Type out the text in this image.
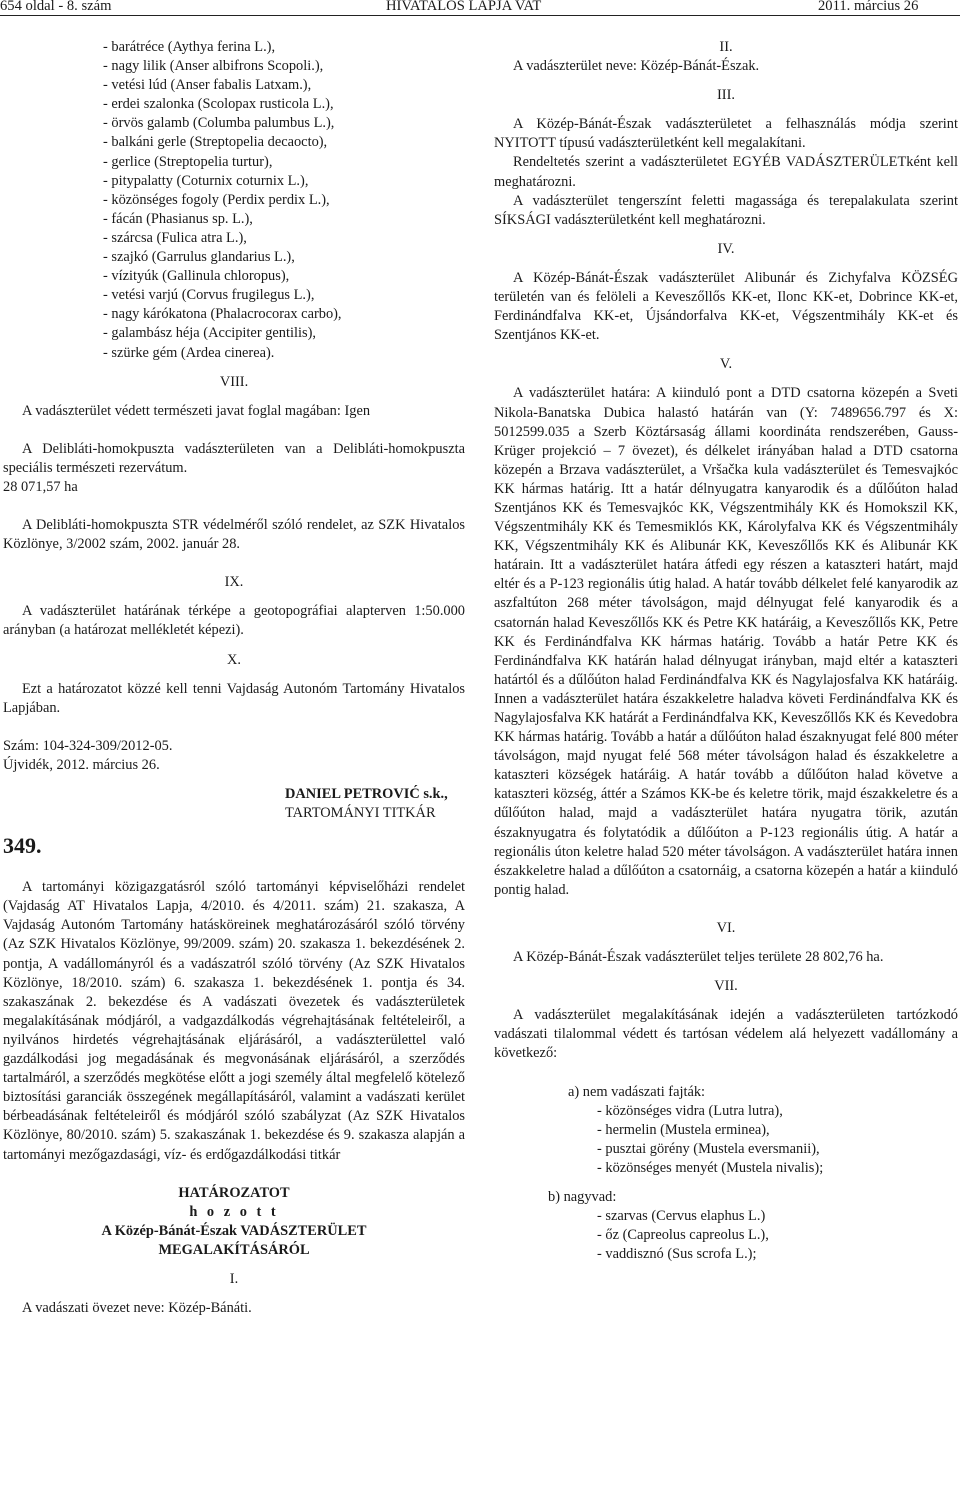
654 oldal - 8. szám	HIVATALOS LAPJA VAT	2011. március 26
- barátréce (Aythya ferina L.),
- nagy lilik (Anser albifrons Scopoli.),
- vetési lúd (Anser fabalis Latxam.),
- erdei szalonka (Scolopax rusticola L.),
- örvös galamb (Columba palumbus L.),
- balkáni gerle (Streptopelia decaocto),
- gerlice (Streptopelia turtur),
- pitypalatty (Coturnix coturnix L.),
- közönséges fogoly (Perdix perdix L.),
- fácán (Phasianus sp. L.),
- szárcsa (Fulica atra L.),
- szajkó (Garrulus glandarius L.),
- vízityúk (Gallinula chloropus),
- vetési varjú (Corvus frugilegus L.),
- nagy kárókatona (Phalacrocorax carbo),
- galambász héja (Accipiter gentilis),
- szürke gém (Ardea cinerea).
VIII.

A vadászterület védett természeti javat foglal magában: Igen

A Delibláti-homokpuszta vadászterületen van a Delibláti-homokpuszta speciális természeti rezervátum.

28 071,57 ha

A Delibláti-homokpuszta STR védelméről szóló rendelet, az SZK Hivatalos Közlönye, 3/2002 szám, 2002. január 28.

IX.

A vadászterület határának térképe a geotopográfiai alapterven 1:50.000 arányban (a határozat mellékletét képezi).

X.

Ezt a határozatot közzé kell tenni Vajdaság Autonóm Tartomány Hivatalos Lapjában.

Szám: 104-324-309/2012-05.

Újvidék, 2012. március 26.

DANIEL PETROVIĆ s.k.,
TARTOMÁNYI TITKÁR
349.

A tartományi közigazgatásról szóló tartományi képviselőházi rendelet (Vajdaság AT Hivatalos Lapja, 4/2010. és 4/2011. szám) 21. szakasza, A Vajdaság Autonóm Tartomány hatásköreinek meghatározásáról szóló törvény (Az SZK Hivatalos Közlönye, 99/2009. szám) 20. szakasza 1. bekezdésének 2. pontja, A vadállományról és a vadászatról szóló törvény (Az SZK Hivatalos Közlönye, 18/2010. szám) 6. szakasza 1. bekezdésének 1. pontja és 34. szakaszának 2. bekezdése és A vadászati övezetek és vadászterületek megalakításának módjáról, a vadgazdálkodás végrehajtásának feltételeiről, a nyilvános hirdetés végrehajtásának eljárásáról, a vadászterülettel való gazdálkodási jog megadásának és megvonásának eljárásáról, a szerződés tartalmáról, a szerződés megkötése előtt a jogi személy által megfelelő kötelező biztosítási garanciák összegének megállapításáról, valamint a vadászati kerület bérbeadásának feltételeiről és módjáról szóló szabályzat (Az SZK Hivatalos Közlönye, 80/2010. szám) 5. szakaszának 1. bekezdése és 9. szakasza alapján a tartományi mezőgazdasági, víz- és erdőgazdálkodási titkár

HATÁROZATOT
h o z o t t
A Közép-Bánát-Észak VADÁSZTERÜLET
MEGALAKÍTÁSÁRÓL
I.

A vadászati övezet neve: Közép-Bánáti.

II.

A vadászterület neve: Közép-Bánát-Észak.

III.

A Közép-Bánát-Észak vadászterületet a felhasználás módja szerint NYITOTT típusú vadászterületként kell megalakítani.

Rendeltetés szerint a vadászterületet EGYÉB VADÁSZTERÜLETként kell meghatározni.

A vadászterület tengerszínt feletti magassága és terepalakulata szerint SÍKSÁGI vadászterületként kell meghatározni.

IV.

A Közép-Bánát-Észak vadászterület Alibunár és Zichyfalva KÖZSÉG területén van és felöleli a Keveszőllős KK-et, Ilonc KK-et, Dobrince KK-et, Ferdinándfalva KK-et, Újsándorfalva KK-et, Végszentmihály KK-et és Szentjános KK-et.

V.

A vadászterület határa: A kiinduló pont a DTD csatorna közepén a Sveti Nikola-Banatska Dubica halastó határán van (Y: 7489656.797 és X: 5012599.035 a Szerb Köztársaság állami koordináta rendszerében, Gauss-Krüger projekció – 7 övezet), és délkelet irányában halad a DTD csatorna közepén a Brzava vadászterület, a Vršačka kula vadászterület és Temesvajkóc KK hármas határig. Itt a határ délnyugatra kanyarodik és a dűlőúton halad Szentjános KK és Temesvajkóc KK, Végszentmihály KK és Homokszil KK, Végszentmihály KK és Temesmiklós KK, Károlyfalva KK és Végszentmihály KK, Végszentmihály KK és Alibunár KK, Keveszőllős KK és Alibunár KK határain. Itt a vadászterület határa átfedi egy részen a kataszteri határt, majd eltér és a P-123 regionális útig halad. A határ tovább délkelet felé kanyarodik az aszfaltúton 268 méter távolságon, majd délnyugat felé kanyarodik és a csatornán halad Keveszőllős KK és Petre KK határáig, a Keveszőllős KK, Petre KK és Ferdinándfalva KK hármas határig. Tovább a határ Petre KK és Ferdinándfalva KK határán halad délnyugat irányban, majd eltér a kataszteri határtól és a dűlőúton halad Ferdinándfalva KK és Nagylajosfalva KK határáig. Innen a vadászterület határa északkeletre haladva követi Ferdinándfalva KK és Nagylajosfalva KK határát a Ferdinándfalva KK, Keveszőllős KK és Kevedobra KK hármas határig. Tovább a határ a dűlőúton halad északnyugat felé 800 méter távolságon, majd nyugat felé 568 méter távolságon halad és északkeletre a kataszteri községek határáig. A határ tovább a dűlőúton halad követve a kataszteri község, áttér a Számos KK-be és keletre törik, majd északkeletre és a dűlőúton halad, majd a vadászterület határa nyugatra törik, azután északnyugatra és folytatódik a dűlőúton a P-123 regionális útig. A határ a regionális úton keletre halad 520 méter távolságon. A vadászterület határa innen északkeletre halad a dűlőúton a csatornáig, a csatorna közepén a határ a kiinduló pontig halad.

VI.

A Közép-Bánát-Észak vadászterület teljes területe 28 802,76 ha.

VII.

A vadászterület megalakításának idején a vadászterületen tartózkodó vadászati tilalommal védett és tartósan védelem alá helyezett vadállomány a következő:

a) nem vadászati fajták:
- közönséges vidra (Lutra lutra),
- hermelin (Mustela erminea),
- pusztai görény (Mustela eversmanii),
- közönséges menyét (Mustela nivalis);
b) nagyvad:
- szarvas (Cervus elaphus L.)
- őz (Capreolus capreolus L.),
- vaddisznó (Sus scrofa L.);
